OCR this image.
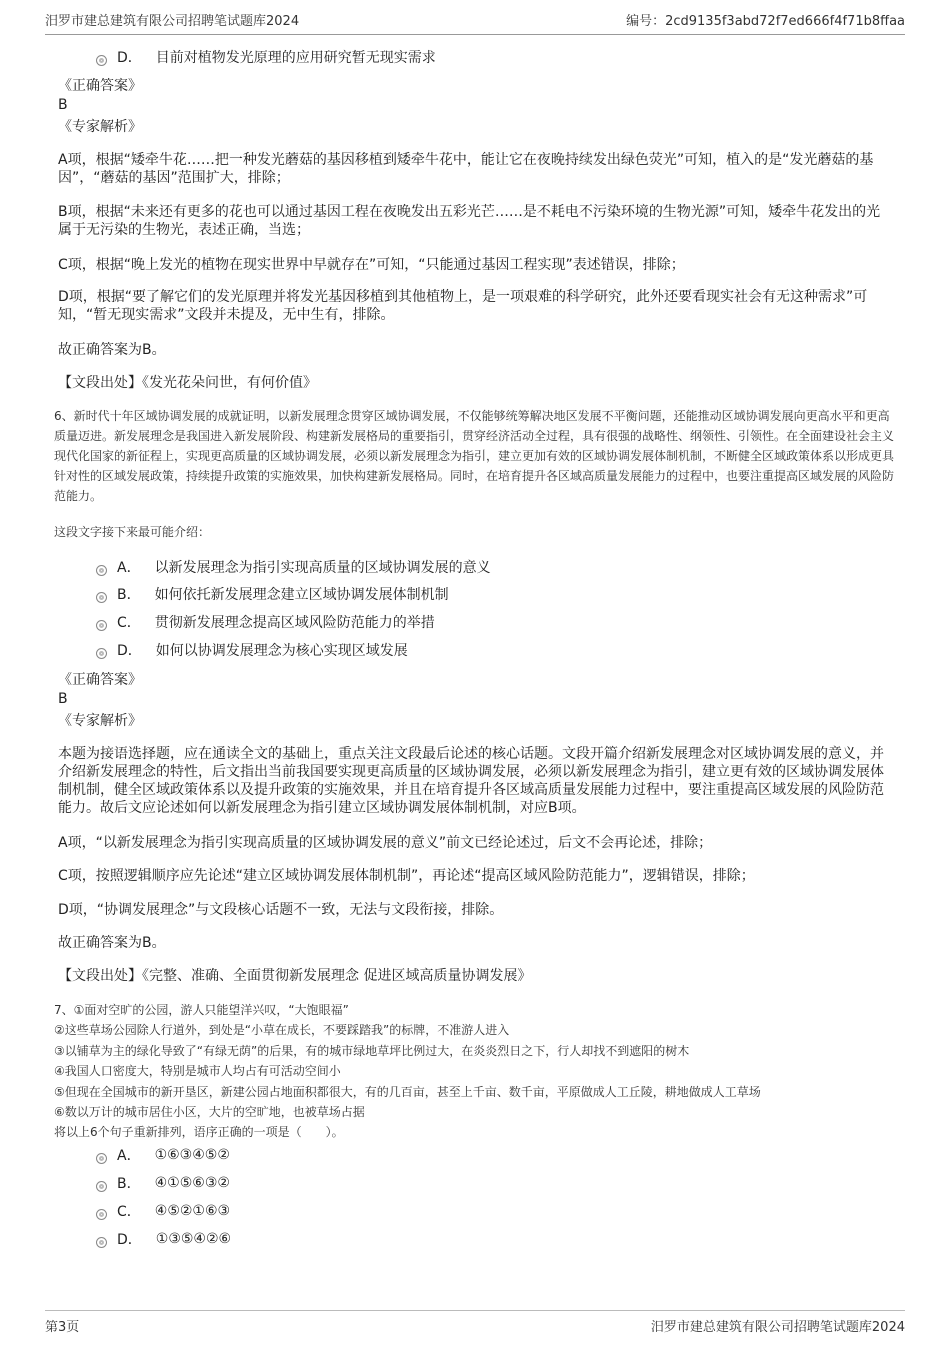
汨罗市建总建筑有限公司招聘笔试题库2024	编号：2cd9135f3abd72f7ed666f4f71b8ffaa
D． 目前对植物发光原理的应用研究暂无现实需求
《正确答案》
B
《专家解析》
A项，根据“矮牵牛花……把一种发光蘑菇的基因移植到矮牵牛花中，能让它在夜晚持续发出绿色荧光”可知，植入的是“发光蘑菇的基因”，“蘑菇的基因”范围扩大，排除；
B项，根据“未来还有更多的花也可以通过基因工程在夜晚发出五彩光芒……是不耗电不污染环境的生物光源”可知，矮牵牛花发出的光属于无污染的生物光，表述正确，当选；
C项，根据“晚上发光的植物在现实世界中早就存在”可知，“只能通过基因工程实现”表述错误，排除；
D项，根据“要了解它们的发光原理并将发光基因移植到其他植物上，是一项艰难的科学研究，此外还要看现实社会有无这种需求”可知，“暂无现实需求”文段并未提及，无中生有，排除。
故正确答案为B。
【文段出处】《发光花朵问世，有何价值》
6、新时代十年区域协调发展的成就证明，以新发展理念贯穿区域协调发展，不仅能够统筹解决地区发展不平衡问题，还能推动区域协调发展向更高水平和更高质量迈进。新发展理念是我国进入新发展阶段、构建新发展格局的重要指引，贯穿经济活动全过程，具有很强的战略性、纲领性、引领性。在全面建设社会主义现代化国家的新征程上，实现更高质量的区域协调发展，必须以新发展理念为指引，建立更加有效的区域协调发展体制机制，不断健全区域政策体系以形成更具针对性的区域发展政策，持续提升政策的实施效果，加快构建新发展格局。同时，在培育提升各区域高质量发展能力的过程中，也要注重提高区域发展的风险防范能力。
这段文字接下来最可能介绍：
A． 以新发展理念为指引实现高质量的区域协调发展的意义
B． 如何依托新发展理念建立区域协调发展体制机制
C． 贯彻新发展理念提高区域风险防范能力的举措
D． 如何以协调发展理念为核心实现区域发展
《正确答案》
B
《专家解析》
本题为接语选择题，应在通读全文的基础上，重点关注文段最后论述的核心话题。文段开篇介绍新发展理念对区域协调发展的意义，并介绍新发展理念的特性，后文指出当前我国要实现更高质量的区域协调发展，必须以新发展理念为指引，建立更有效的区域协调发展体制机制，健全区域政策体系以及提升政策的实施效果，并且在培育提升各区域高质量发展能力过程中，要注重提高区域发展的风险防范能力。故后文应论述如何以新发展理念为指引建立区域协调发展体制机制，对应B项。
A项，“以新发展理念为指引实现高质量的区域协调发展的意义”前文已经论述过，后文不会再论述，排除；
C项，按照逻辑顺序应先论述“建立区域协调发展体制机制”，再论述“提高区域风险防范能力”，逻辑错误，排除；
D项，“协调发展理念”与文段核心话题不一致，无法与文段衔接，排除。
故正确答案为B。
【文段出处】《完整、准确、全面贯彻新发展理念 促进区域高质量协调发展》
7、①面对空旷的公园，游人只能望洋兴叹，“大饱眼福”
②这些草场公园除人行道外，到处是“小草在成长，不要踩踏我”的标牌，不准游人进入
③以铺草为主的绿化导致了“有绿无荫”的后果，有的城市绿地草坪比例过大，在炎炎烈日之下，行人却找不到遮阳的树木
④我国人口密度大，特别是城市人均占有可活动空间小
⑤但现在全国城市的新开垦区，新建公园占地面积都很大，有的几百亩，甚至上千亩、数千亩，平原做成人工丘陵，耕地做成人工草场
⑥数以万计的城市居住小区，大片的空旷地，也被草场占据
将以上6个句子重新排列，语序正确的一项是（　　）。
A． ①⑥③④⑤②
B． ④①⑤⑥③②
C． ④⑤②①⑥③
D． ①③⑤④②⑥
第3页	汨罗市建总建筑有限公司招聘笔试题库2024
